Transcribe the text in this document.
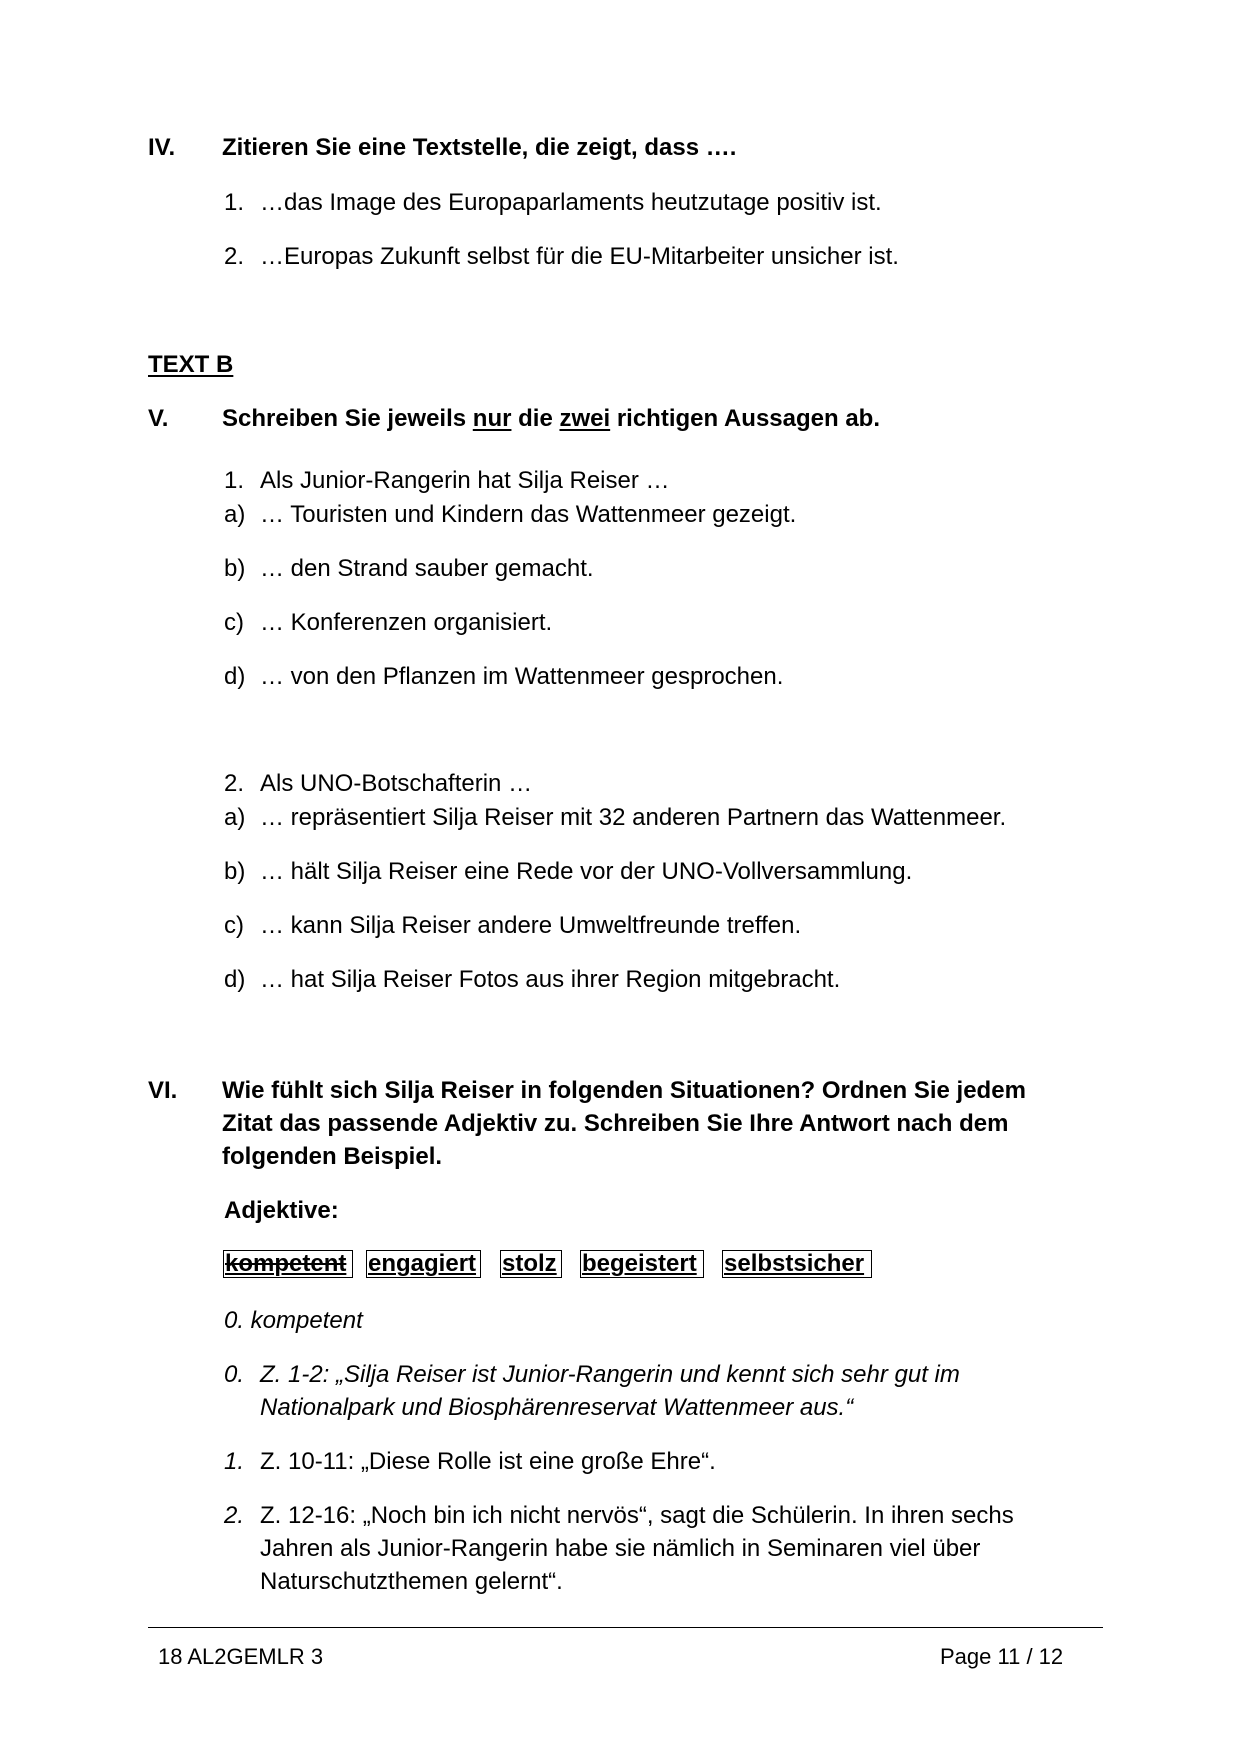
IV. Zitieren Sie eine Textstelle, die zeigt, dass ….
1. …das Image des Europaparlaments heutzutage positiv ist.
2. …Europas Zukunft selbst für die EU-Mitarbeiter unsicher ist.
TEXT B
V. Schreiben Sie jeweils nur die zwei richtigen Aussagen ab.
1. Als Junior-Rangerin hat Silja Reiser …
a) … Touristen und Kindern das Wattenmeer gezeigt.
b) … den Strand sauber gemacht.
c) … Konferenzen organisiert.
d) … von den Pflanzen im Wattenmeer gesprochen.
2. Als UNO-Botschafterin …
a) … repräsentiert Silja Reiser mit 32 anderen Partnern das Wattenmeer.
b) … hält Silja Reiser eine Rede vor der UNO-Vollversammlung.
c) … kann Silja Reiser andere Umweltfreunde treffen.
d) … hat Silja Reiser Fotos aus ihrer Region mitgebracht.
VI. Wie fühlt sich Silja Reiser in folgenden Situationen? Ordnen Sie jedem
Zitat das passende Adjektiv zu. Schreiben Sie Ihre Antwort nach dem
folgenden Beispiel.
Adjektive:
kompetent engagiert stolz begeistert	selbstsicher
0. kompetent
0. Z. 1-2: „Silja Reiser ist Junior-Rangerin und kennt sich sehr gut im
Nationalpark und Biosphärenreservat Wattenmeer aus.“
1. Z. 10-11: „Diese Rolle ist eine große Ehre“.
2. Z. 12-16: „Noch bin ich nicht nervös“, sagt die Schülerin. In ihren sechs
Jahren als Junior-Rangerin habe sie nämlich in Seminaren viel über
Naturschutzthemen gelernt“.
18 AL2GEMLR 3	Page 11 / 12
